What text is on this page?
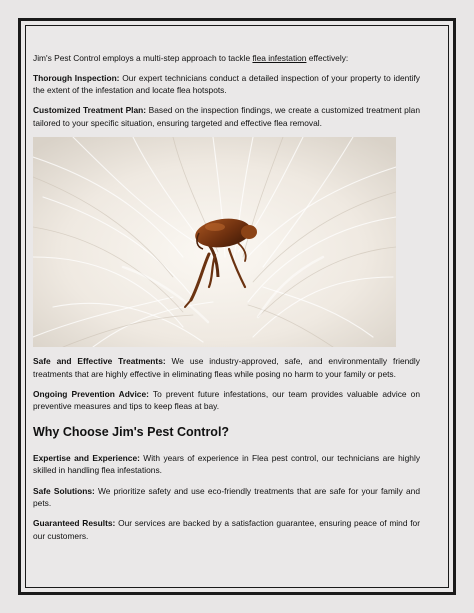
Jim's Pest Control employs a multi-step approach to tackle flea infestation effectively:

Thorough Inspection: Our expert technicians conduct a detailed inspection of your property to identify the extent of the infestation and locate flea hotspots.

Customized Treatment Plan: Based on the inspection findings, we create a customized treatment plan tailored to your specific situation, ensuring targeted and effective flea removal.

Safe and Effective Treatments: We use industry-approved, safe, and environmentally friendly treatments that are highly effective in eliminating fleas while posing no harm to your family or pets.

Ongoing Prevention Advice: To prevent future infestations, our team provides valuable advice on preventive measures and tips to keep fleas at bay.

Why Choose Jim's Pest Control?

Expertise and Experience: With years of experience in Flea pest control, our technicians are highly skilled in handling flea infestations.

Safe Solutions: We prioritize safety and use eco-friendly treatments that are safe for your family and pets.

Guaranteed Results: Our services are backed by a satisfaction guarantee, ensuring peace of mind for our customers.
